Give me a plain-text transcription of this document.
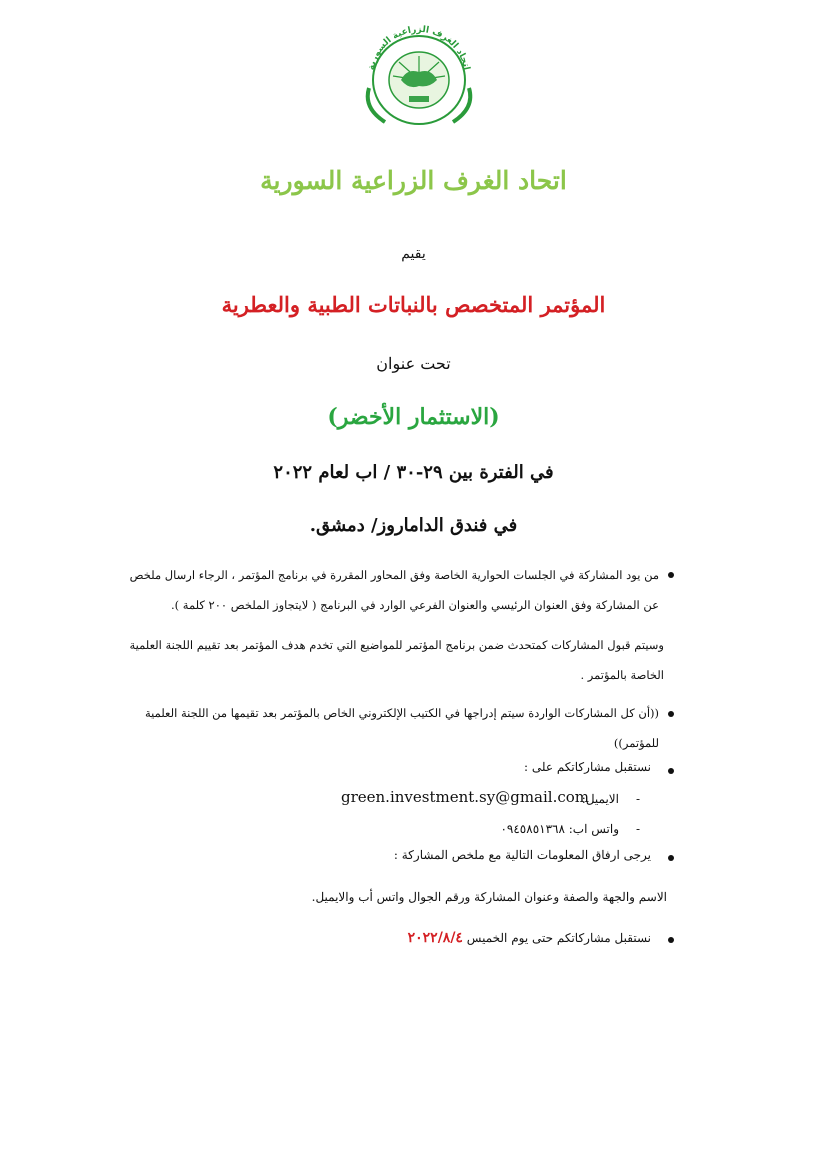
اتحاد الغرف الزراعية السورية
اتحاد الغرف الزراعية السورية
يقيم
المؤتمر المتخصص بالنباتات الطبية والعطرية
تحت عنوان
(الاستثمار الأخضر)
في الفترة بين ٢٩-٣٠ / اب لعام ٢٠٢٢
في فندق الداماروز/ دمشق.
من يود المشاركة في الجلسات الحوارية الخاصة وفق المحاور المقررة في برنامج المؤتمر ، الرجاء ارسال ملخص عن المشاركة وفق العنوان الرئيسي والعنوان الفرعي الوارد في البرنامج ( لايتجاوز الملخص ٢٠٠ كلمة ).
وسيتم قبول المشاركات كمتحدث ضمن برنامج المؤتمر للمواضيع التي تخدم هدف المؤتمر بعد تقييم اللجنة العلمية الخاصة بالمؤتمر .
((أن كل المشاركات الواردة سيتم إدراجها في الكتيب الإلكتروني الخاص بالمؤتمر بعد تقيمها من اللجنة العلمية للمؤتمر))
نستقبل مشاركاتكم على :
-
الايميل:
green.investment.sy@gmail.com
-
واتس اب: ٠٩٤٥٨٥١٣٦٨
يرجى ارفاق المعلومات التالية مع ملخص المشاركة :
الاسم والجهة والصفة وعنوان المشاركة ورقم الجوال واتس أب والايميل.
نستقبل مشاركاتكم حتى يوم الخميس ٢٠٢٢/٨/٤
